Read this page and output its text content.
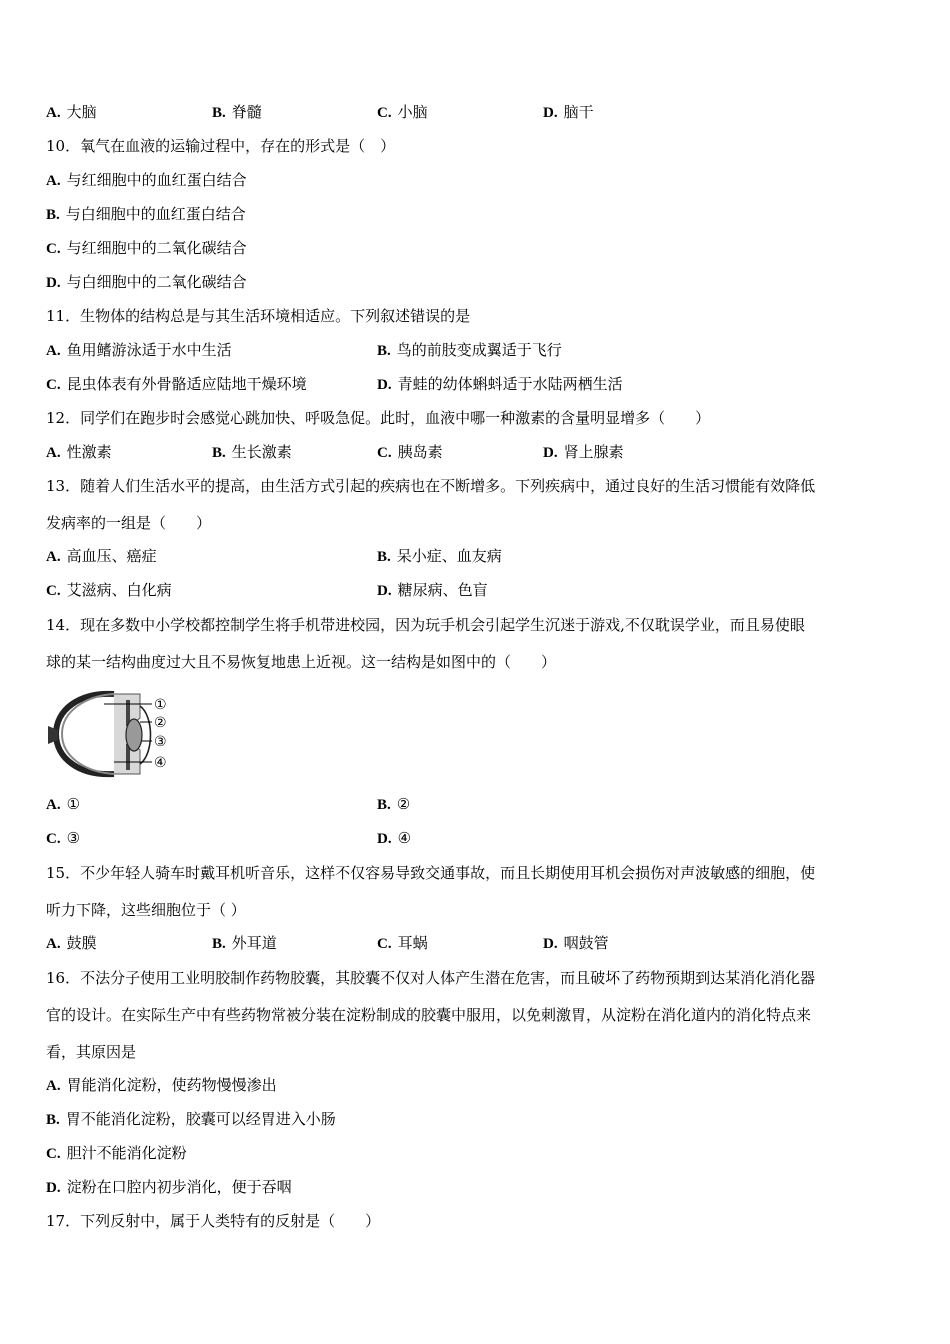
A. 大脑	B. 脊髓	C. 小脑	D. 脑干
10．氧气在血液的运输过程中，存在的形式是（　）
A. 与红细胞中的血红蛋白结合
B. 与白细胞中的血红蛋白结合
C. 与红细胞中的二氧化碳结合
D. 与白细胞中的二氧化碳结合
11．生物体的结构总是与其生活环境相适应。下列叙述错误的是
A. 鱼用鳍游泳适于水中生活	B. 鸟的前肢变成翼适于飞行
C. 昆虫体表有外骨骼适应陆地干燥环境	D. 青蛙的幼体蝌蚪适于水陆两栖生活
12．同学们在跑步时会感觉心跳加快、呼吸急促。此时，血液中哪一种激素的含量明显增多（　　）
A. 性激素	B. 生长激素	C. 胰岛素	D. 肾上腺素
13．随着人们生活水平的提高，由生活方式引起的疾病也在不断增多。下列疾病中，通过良好的生活习惯能有效降低
发病率的一组是（　　）
A. 高血压、癌症	B. 呆小症、血友病
C. 艾滋病、白化病	D. 糖尿病、色盲
14．现在多数中小学校都控制学生将手机带进校园，因为玩手机会引起学生沉迷于游戏,不仅耽误学业，而且易使眼
球的某一结构曲度过大且不易恢复地患上近视。这一结构是如图中的（　　）
①
②
③
④
A. ①	B. ②
C. ③	D. ④
15．不少年轻人骑车时戴耳机听音乐，这样不仅容易导致交通事故，而且长期使用耳机会损伤对声波敏感的细胞，使
听力下降，这些细胞位于（ ）
A. 鼓膜	B. 外耳道	C. 耳蜗	D. 咽鼓管
16．不法分子使用工业明胶制作药物胶囊，其胶囊不仅对人体产生潜在危害，而且破坏了药物预期到达某消化消化器
官的设计。在实际生产中有些药物常被分装在淀粉制成的胶囊中服用，以免刺激胃，从淀粉在消化道内的消化特点来
看，其原因是
A. 胃能消化淀粉，使药物慢慢渗出
B. 胃不能消化淀粉，胶囊可以经胃进入小肠
C. 胆汁不能消化淀粉
D. 淀粉在口腔内初步消化，便于吞咽
17．下列反射中，属于人类特有的反射是（　　）
